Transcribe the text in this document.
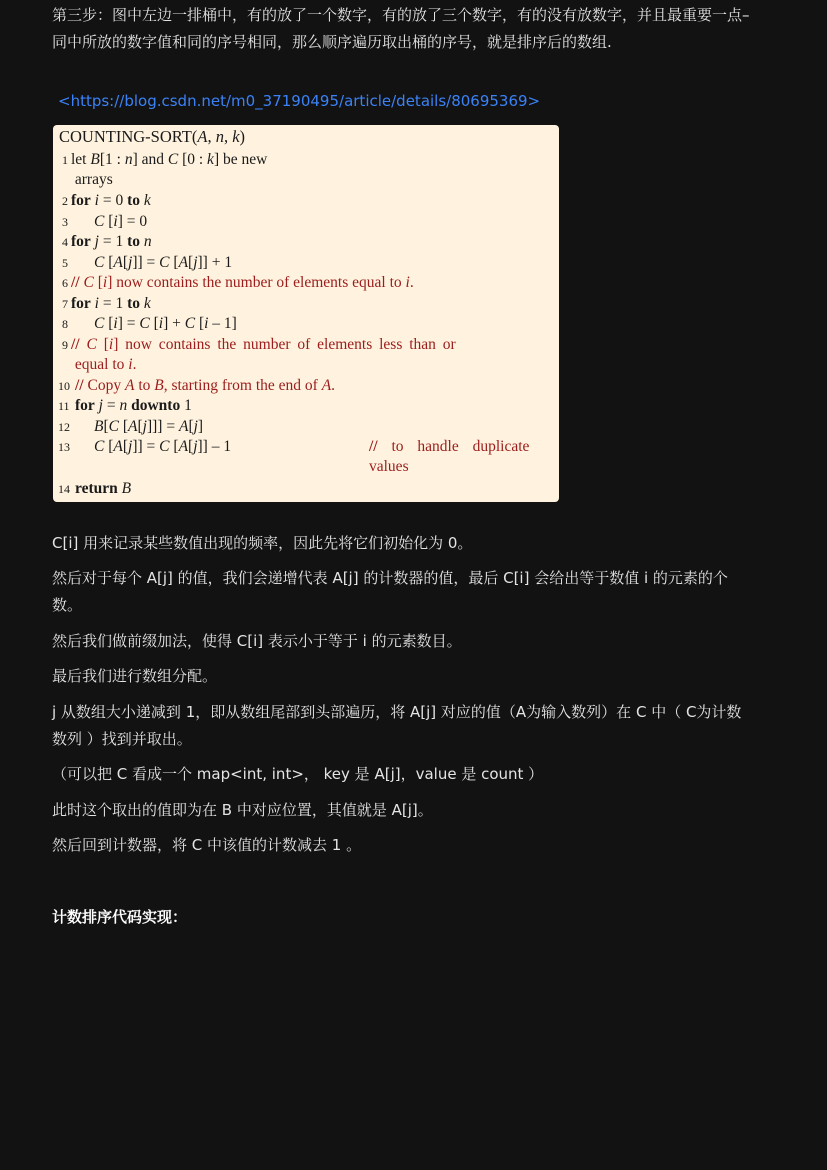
第三步：图中左边一排桶中，有的放了一个数字，有的放了三个数字，有的没有放数字，并且最重要一点–

同中所放的数字值和同的序号相同，那么顺序遍历取出桶的序号，就是排序后的数组.

<https://blog.csdn.net/m0_37190495/article/details/80695369>
COUNTING-SORT(A, n, k)
1 let B[1 : n] and C [0 : k] be new
arrays
2 for i = 0 to k
3	C [i] = 0
4 for j = 1 to n
5	C [A[j]] = C [A[j]] + 1
6 // C [i] now contains the number of elements equal to i.
7 for i = 1 to k
8	C [i] = C [i] + C [i – 1]
9 // C [i] now contains the number of elements less than or
equal to i.
10 // Copy A to B, starting from the end of A.
11 for j = n downto 1
12 B[C [A[j]]] = A[j]
13 C [A[j]] = C [A[j]] – 1	// to handle duplicate
values
14 return B

C[i] 用来记录某些数值出现的频率，因此先将它们初始化为 0。

然后对于每个 A[j] 的值，我们会递增代表 A[j] 的计数器的值，最后 C[i] 会给出等于数值 i 的元素的个

数。

然后我们做前缀加法，使得 C[i] 表示小于等于 i 的元素数目。

最后我们进行数组分配。

j 从数组大小递减到 1，即从数组尾部到头部遍历，将 A[j] 对应的值（A为输入数列）在 C 中（ C为计数

数列 ）找到并取出。

（可以把 C 看成一个 map<int, int>， key 是 A[j]，value 是 count ）

此时这个取出的值即为在 B 中对应位置，其值就是 A[j]。

然后回到计数器，将 C 中该值的计数减去 1 。

计数排序代码实现：
